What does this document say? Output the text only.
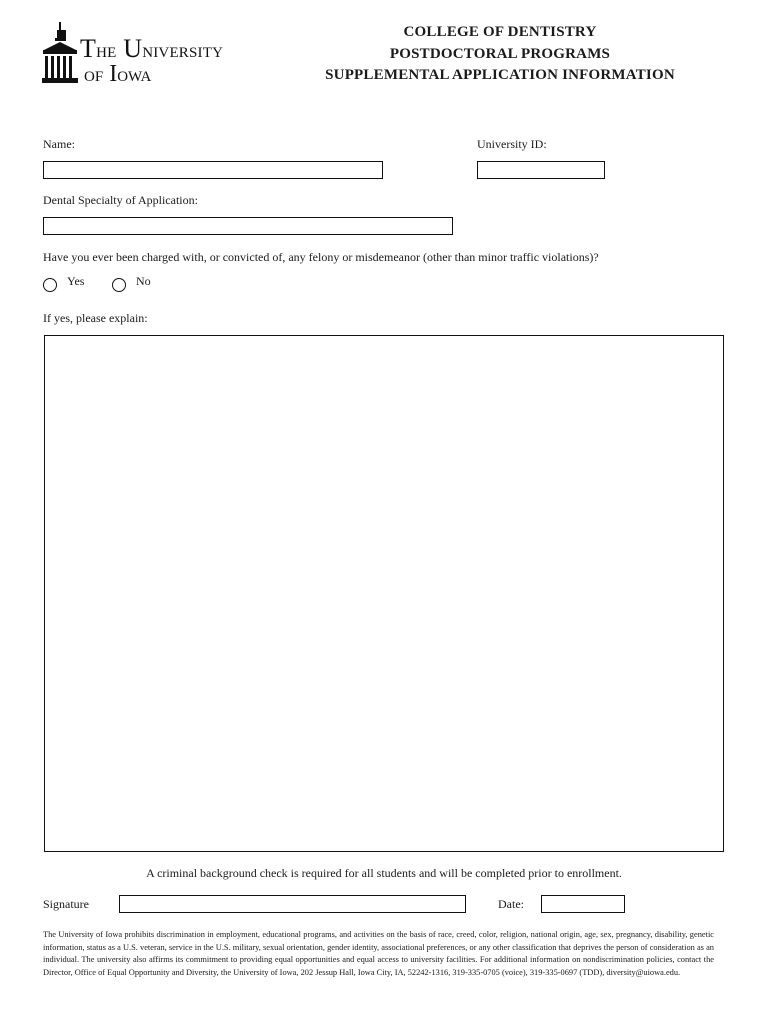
The University
of Iowa
COLLEGE OF DENTISTRY
POSTDOCTORAL PROGRAMS
SUPPLEMENTAL APPLICATION INFORMATION
Name:	University ID:
Dental Specialty of Application:
Have you ever been charged with, or convicted of, any felony or misdemeanor (other than minor traffic violations)?
Yes	No
If yes, please explain:
A criminal background check is required for all students and will be completed prior to enrollment.
Signature	Date:
The University of Iowa prohibits discrimination in employment, educational programs, and activities on the basis of race, creed, color, religion, national origin, age, sex, pregnancy, disability, genetic information, status as a U.S. veteran, service in the U.S. military, sexual orientation, gender identity, associational preferences, or any other classification that deprives the person of consideration as an individual. The university also affirms its commitment to providing equal opportunities and equal access to university facilities. For additional information on nondiscrimination policies, contact the Director, Office of Equal Opportunity and Diversity, the University of Iowa, 202 Jessup Hall, Iowa City, IA, 52242-1316, 319-335-0705 (voice), 319-335-0697 (TDD), diversity@uiowa.edu.
